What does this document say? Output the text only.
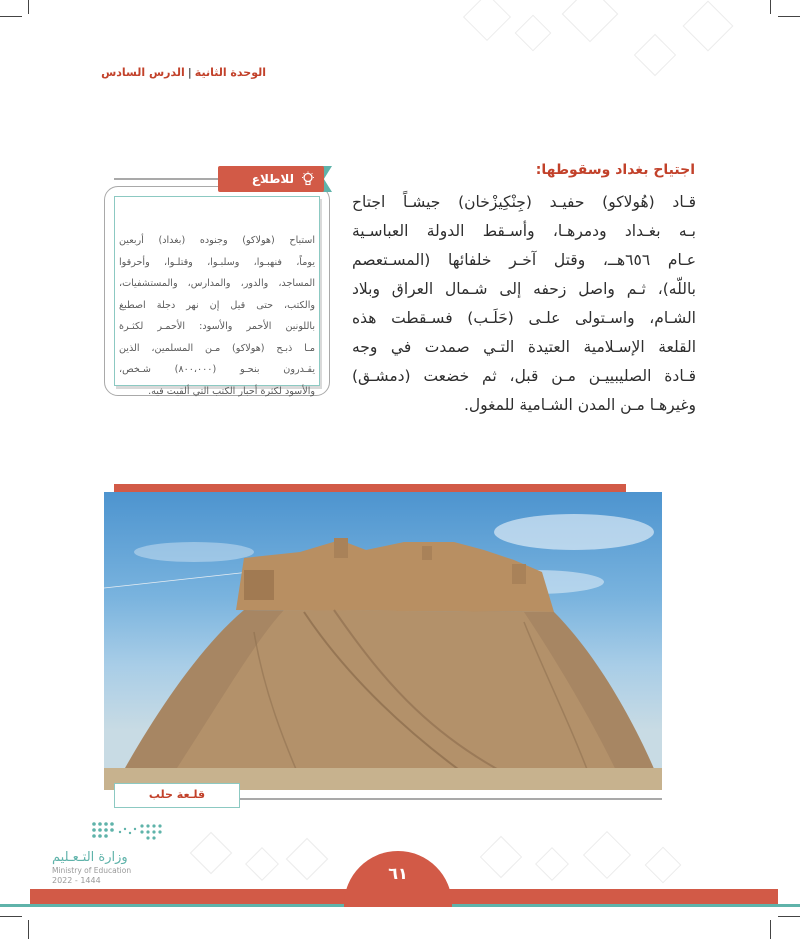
الوحدة الثانية|الدرس السادس
اجتياح بغداد وسقوطها:
قـاد (هُولاكو) حفيـد (جِنْكِيزْخان) جيشـاً اجتاح
بـه بغـداد ودمرهـا، وأسـقط الدولة العباسـية
عـام ٦٥٦هــ، وقتل آخـر خلفائها (المسـتعصم
باللّه)، ثـم واصل زحفه إلى شـمال العراق وبلاد
الشـام، واسـتولى علـى (حَلَـب) فسـقطت هذه
القلعة الإسـلامية العتيدة التـي صمدت في وجه
قـادة الصليبييـن مـن قبل، ثم خضعت (دمشـق)
وغيرهـا مـن المدن الشـامية للمغول.
للاطلاع
استباح (هولاكو) وجنوده (بغداد) أربعين
يوماً، فنهبـوا، وسلبـوا، وقتلـوا، وأحرقوا
المساجد، والدور، والمدارس، والمستشفيات،
والكتب، حتى قيل إن نهر دجلة اصطبغ
باللونين الأحمر والأسود: الأحمـر لكثـرة
مـا ذبـح (هولاكو) مـن المسلمين، الذين
يقـدرون بنحـو (٨٠٠،٠٠٠) شـخص،
والأسود لكثرة أحبار الكتب التي ألقيت فيه.
قلـعة حلب
وزارة التـعـليم
Ministry of Education
2022 - 1444	٦١
